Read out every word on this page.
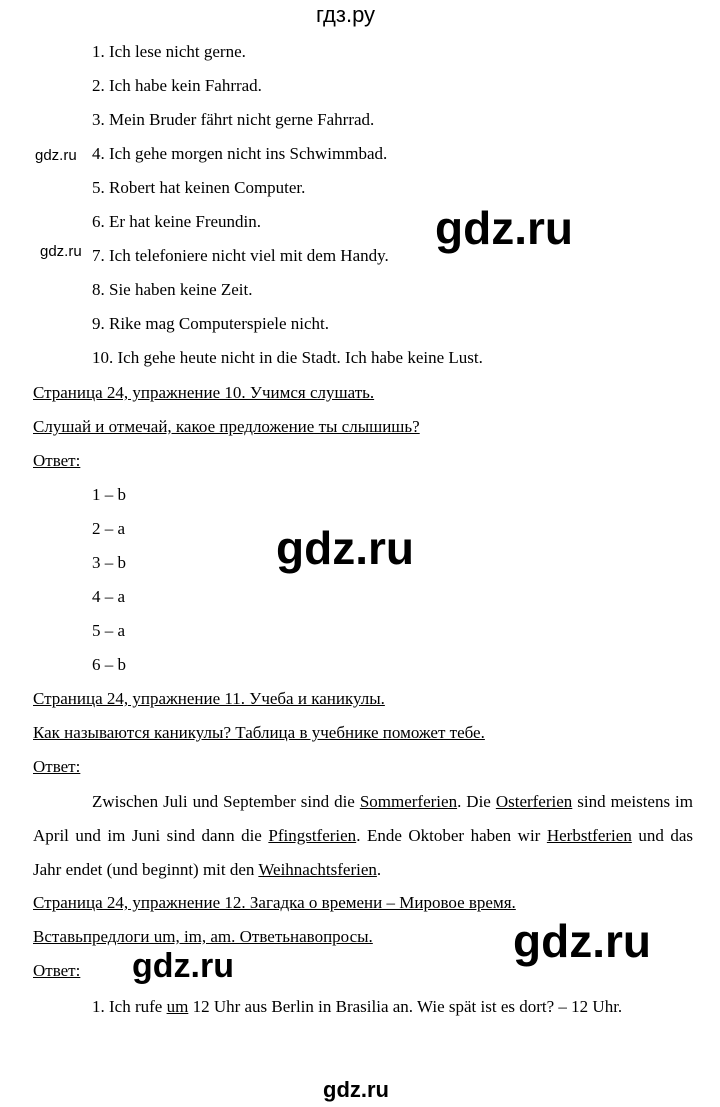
гдз.ру
1. Ich lese nicht gerne.
2. Ich habe kein Fahrrad.
3. Mein Bruder fährt nicht gerne Fahrrad.
4. Ich gehe morgen nicht ins Schwimmbad.
5. Robert hat keinen Computer.
6. Er hat keine Freundin.
7. Ich telefoniere nicht viel mit dem Handy.
8. Sie haben keine Zeit.
9. Rike mag Computerspiele nicht.
10. Ich gehe heute nicht in die Stadt. Ich habe keine Lust.
Страница 24, упражнение 10. Учимся слушать.
Слушай и отмечай, какое предложение ты слышишь?
Ответ:
1 – b
2 – a
3 – b
4 – a
5 – a
6 – b
Страница 24, упражнение 11. Учеба и каникулы.
Как называются каникулы? Таблица в учебнике поможет тебе.
Ответ:
Zwischen Juli und September sind die Sommerferien. Die Osterferien sind meistens im April und im Juni sind dann die Pfingstferien. Ende Oktober haben wir Herbstferien und das Jahr endet (und beginnt) mit den Weihnachtsferien.
Страница 24, упражнение 12. Загадка о времени – Мировое время.
Вставьпредлоги um, im, am. Ответьнавопросы.
Ответ:
1. Ich rufe um 12 Uhr aus Berlin in Brasilia an. Wie spät ist es dort? – 12 Uhr.
gdz.ru
gdz.ru	gdz.ru
gdz.ru
gdz.ru
gdz.ru
gdz.ru
